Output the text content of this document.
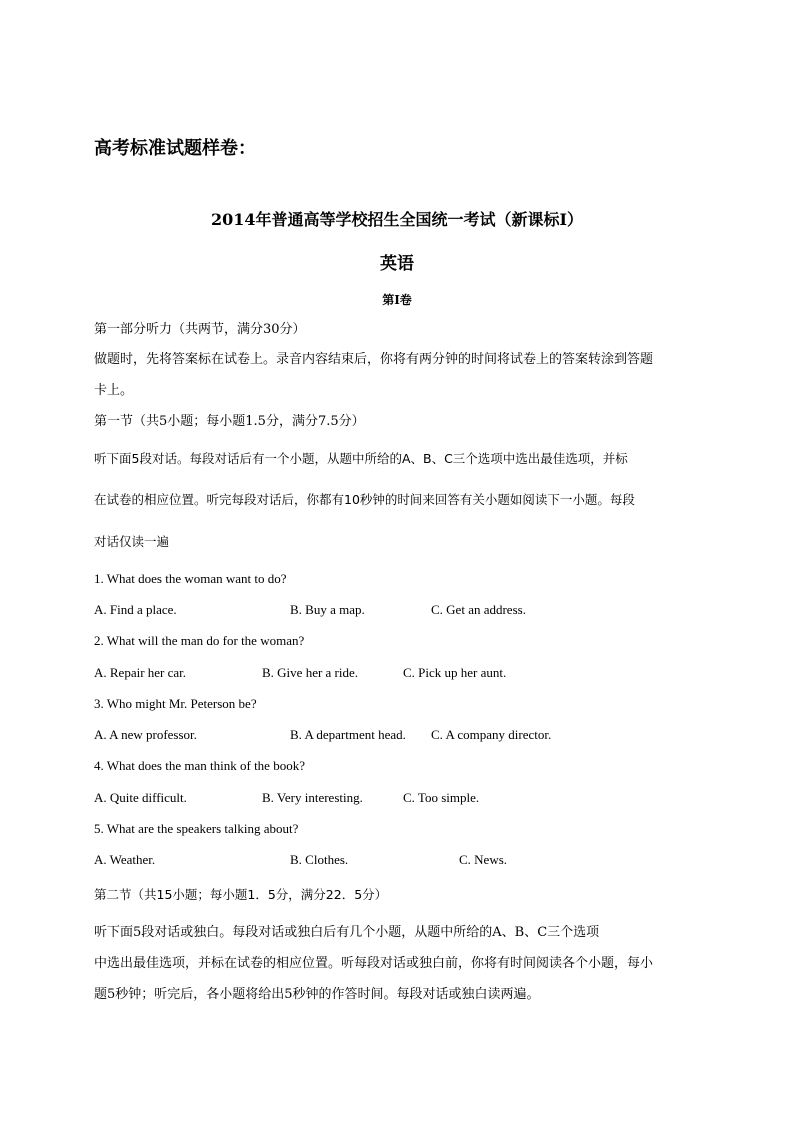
高考标准试题样卷：
2014年普通高等学校招生全国统一考试（新课标I）
英语
第I卷
第一部分听力（共两节，满分30分）
做题时，先将答案标在试卷上。录音内容结束后，你将有两分钟的时间将试卷上的答案转涂到答题
卡上。
第一节（共5小题；每小题1.5分，满分7.5分）
听下面5段对话。每段对话后有一个小题，从题中所给的A、B、C三个选项中选出最佳选项，并标
在试卷的相应位置。听完每段对话后，你都有10秒钟的时间来回答有关小题如阅读下一小题。每段
对话仅读一遍
1. What does the woman want to do?
A. Find a place.	B. Buy a map.	C. Get an address.
2. What will the man do for the woman?
A. Repair her car.	B. Give her a ride.	C. Pick up her aunt.
3. Who might Mr. Peterson be?
A. A new professor.	B. A department head. C. A company director.
4. What does the man think of the book?
A. Quite difficult.	B. Very interesting.	C. Too simple.
5. What are the speakers talking about?
A. Weather.	B. Clothes.	C. News.
第二节（共15小题；每小题1．5分，满分22．5分）
听下面5段对话或独白。每段对话或独白后有几个小题，从题中所给的A、B、C三个选项
中选出最佳选项，并标在试卷的相应位置。听每段对话或独白前，你将有时间阅读各个小题，每小
题5秒钟；听完后，各小题将给出5秒钟的作答时间。每段对话或独白读两遍。
